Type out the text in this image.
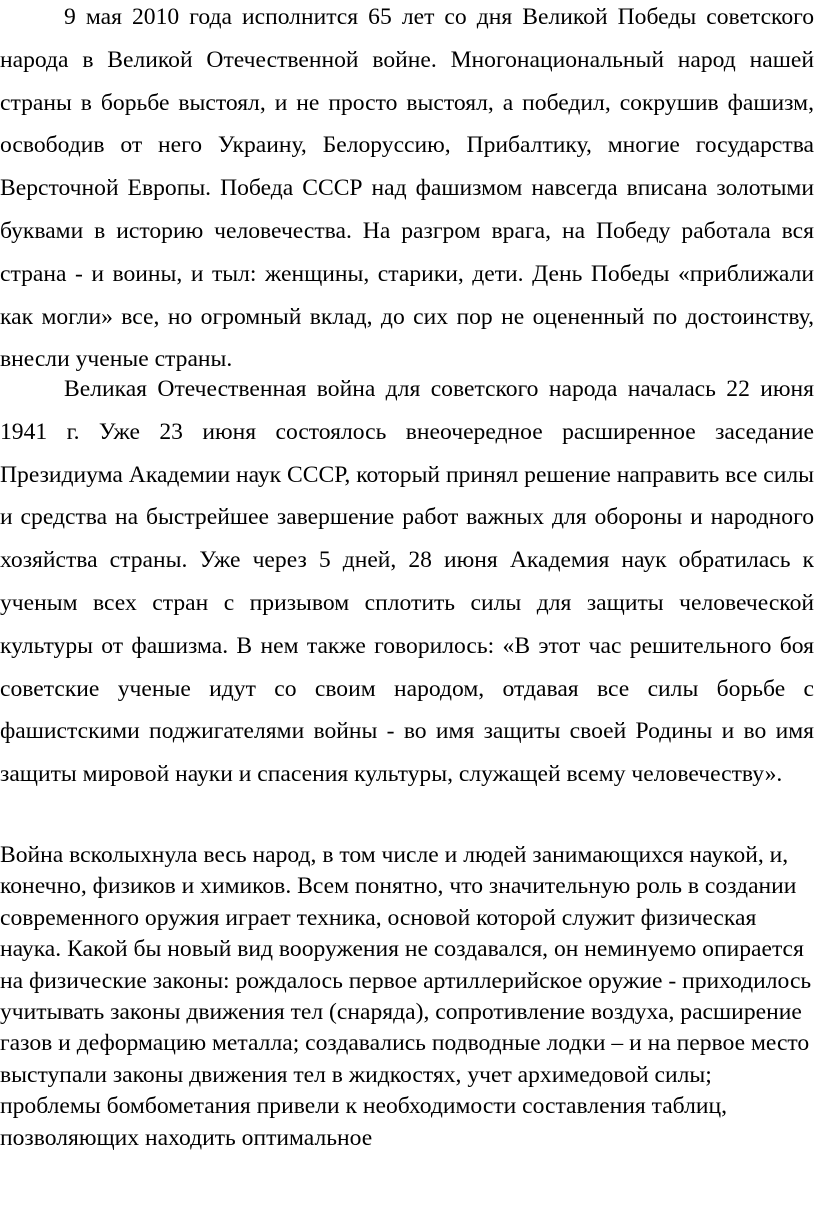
9 мая 2010 года исполнится 65 лет со дня Великой Победы советского народа в Великой Отечественной войне. Многонациональный народ нашей страны в борьбе выстоял, и не просто выстоял, а победил, сокрушив фашизм, освободив от него Украину, Белоруссию, Прибалтику, многие государства Версточной Европы. Победа СССР над фашизмом навсегда вписана золотыми буквами в историю человечества. На разгром врага, на Победу работала вся страна - и воины, и тыл: женщины, старики, дети. День Победы «приближали как могли» все, но огромный вклад, до сих пор не оцененный по достоинству, внесли ученые страны.

Великая Отечественная война для советского народа началась 22 июня 1941 г. Уже 23 июня состоялось внеочередное расширенное заседание Президиума Академии наук СССР, который принял решение направить все силы и средства на быстрейшее завершение работ важных для обороны и народного хозяйства страны. Уже через 5 дней, 28 июня Академия наук обратилась к ученым всех стран с призывом сплотить силы для защиты человеческой культуры от фашизма. В нем также говорилось: «В этот час решительного боя советские ученые идут со своим народом, отдавая все силы борьбе с фашистскими поджигателями войны - во имя защиты своей Родины и во имя защиты мировой науки и спасения культуры, служащей всему человечеству».

Война всколыхнула весь народ, в том числе и людей занимающихся наукой, и, конечно, физиков и химиков. Всем понятно, что значительную роль в создании современного оружия играет техника, основой которой служит физическая наука. Какой бы новый вид вооружения не создавался, он неминуемо опирается на физические законы: рождалось первое артиллерийское оружие - приходилось учитывать законы движения тел (снаряда), сопротивление воздуха, расширение газов и деформацию металла; создавались подводные лодки – и на первое место выступали законы движения тел в жидкостях, учет архимедовой силы; проблемы бомбометания привели к необходимости составления таблиц, позволяющих находить оптимальное
